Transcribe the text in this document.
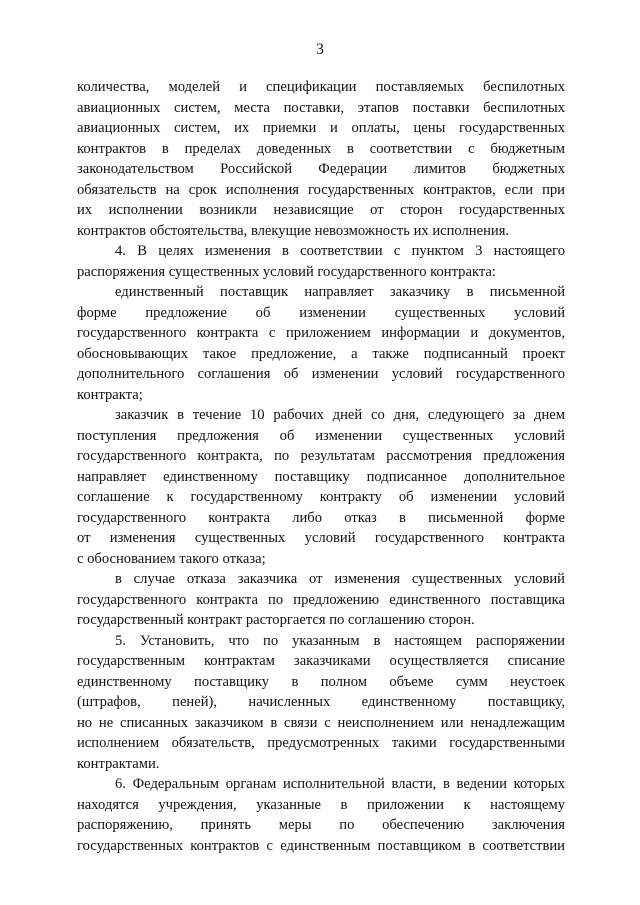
3
количества, моделей и спецификации поставляемых беспилотных
авиационных систем, места поставки, этапов поставки беспилотных
авиационных систем, их приемки и оплаты, цены государственных
контрактов в пределах доведенных в соответствии с бюджетным
законодательством Российской Федерации лимитов бюджетных
обязательств на срок исполнения государственных контрактов, если при
их исполнении возникли независящие от сторон государственных
контрактов обстоятельства, влекущие невозможность их исполнения.
4. В целях изменения в соответствии с пунктом 3 настоящего
распоряжения существенных условий государственного контракта:
единственный поставщик направляет заказчику в письменной
форме предложение об изменении существенных условий
государственного контракта с приложением информации и документов,
обосновывающих такое предложение, а также подписанный проект
дополнительного соглашения об изменении условий государственного
контракта;
заказчик в течение 10 рабочих дней со дня, следующего за днем
поступления предложения об изменении существенных условий
государственного контракта, по результатам рассмотрения предложения
направляет единственному поставщику подписанное дополнительное
соглашение к государственному контракту об изменении условий
государственного контракта либо отказ в письменной форме
от изменения существенных условий государственного контракта
с обоснованием такого отказа;
в случае отказа заказчика от изменения существенных условий
государственного контракта по предложению единственного поставщика
государственный контракт расторгается по соглашению сторон.
5. Установить, что по указанным в настоящем распоряжении
государственным контрактам заказчиками осуществляется списание
единственному поставщику в полном объеме сумм неустоек
(штрафов, пеней), начисленных единственному поставщику,
но не списанных заказчиком в связи с неисполнением или ненадлежащим
исполнением обязательств, предусмотренных такими государственными
контрактами.
6. Федеральным органам исполнительной власти, в ведении которых
находятся учреждения, указанные в приложении к настоящему
распоряжению, принять меры по обеспечению заключения
государственных контрактов с единственным поставщиком в соответствии
